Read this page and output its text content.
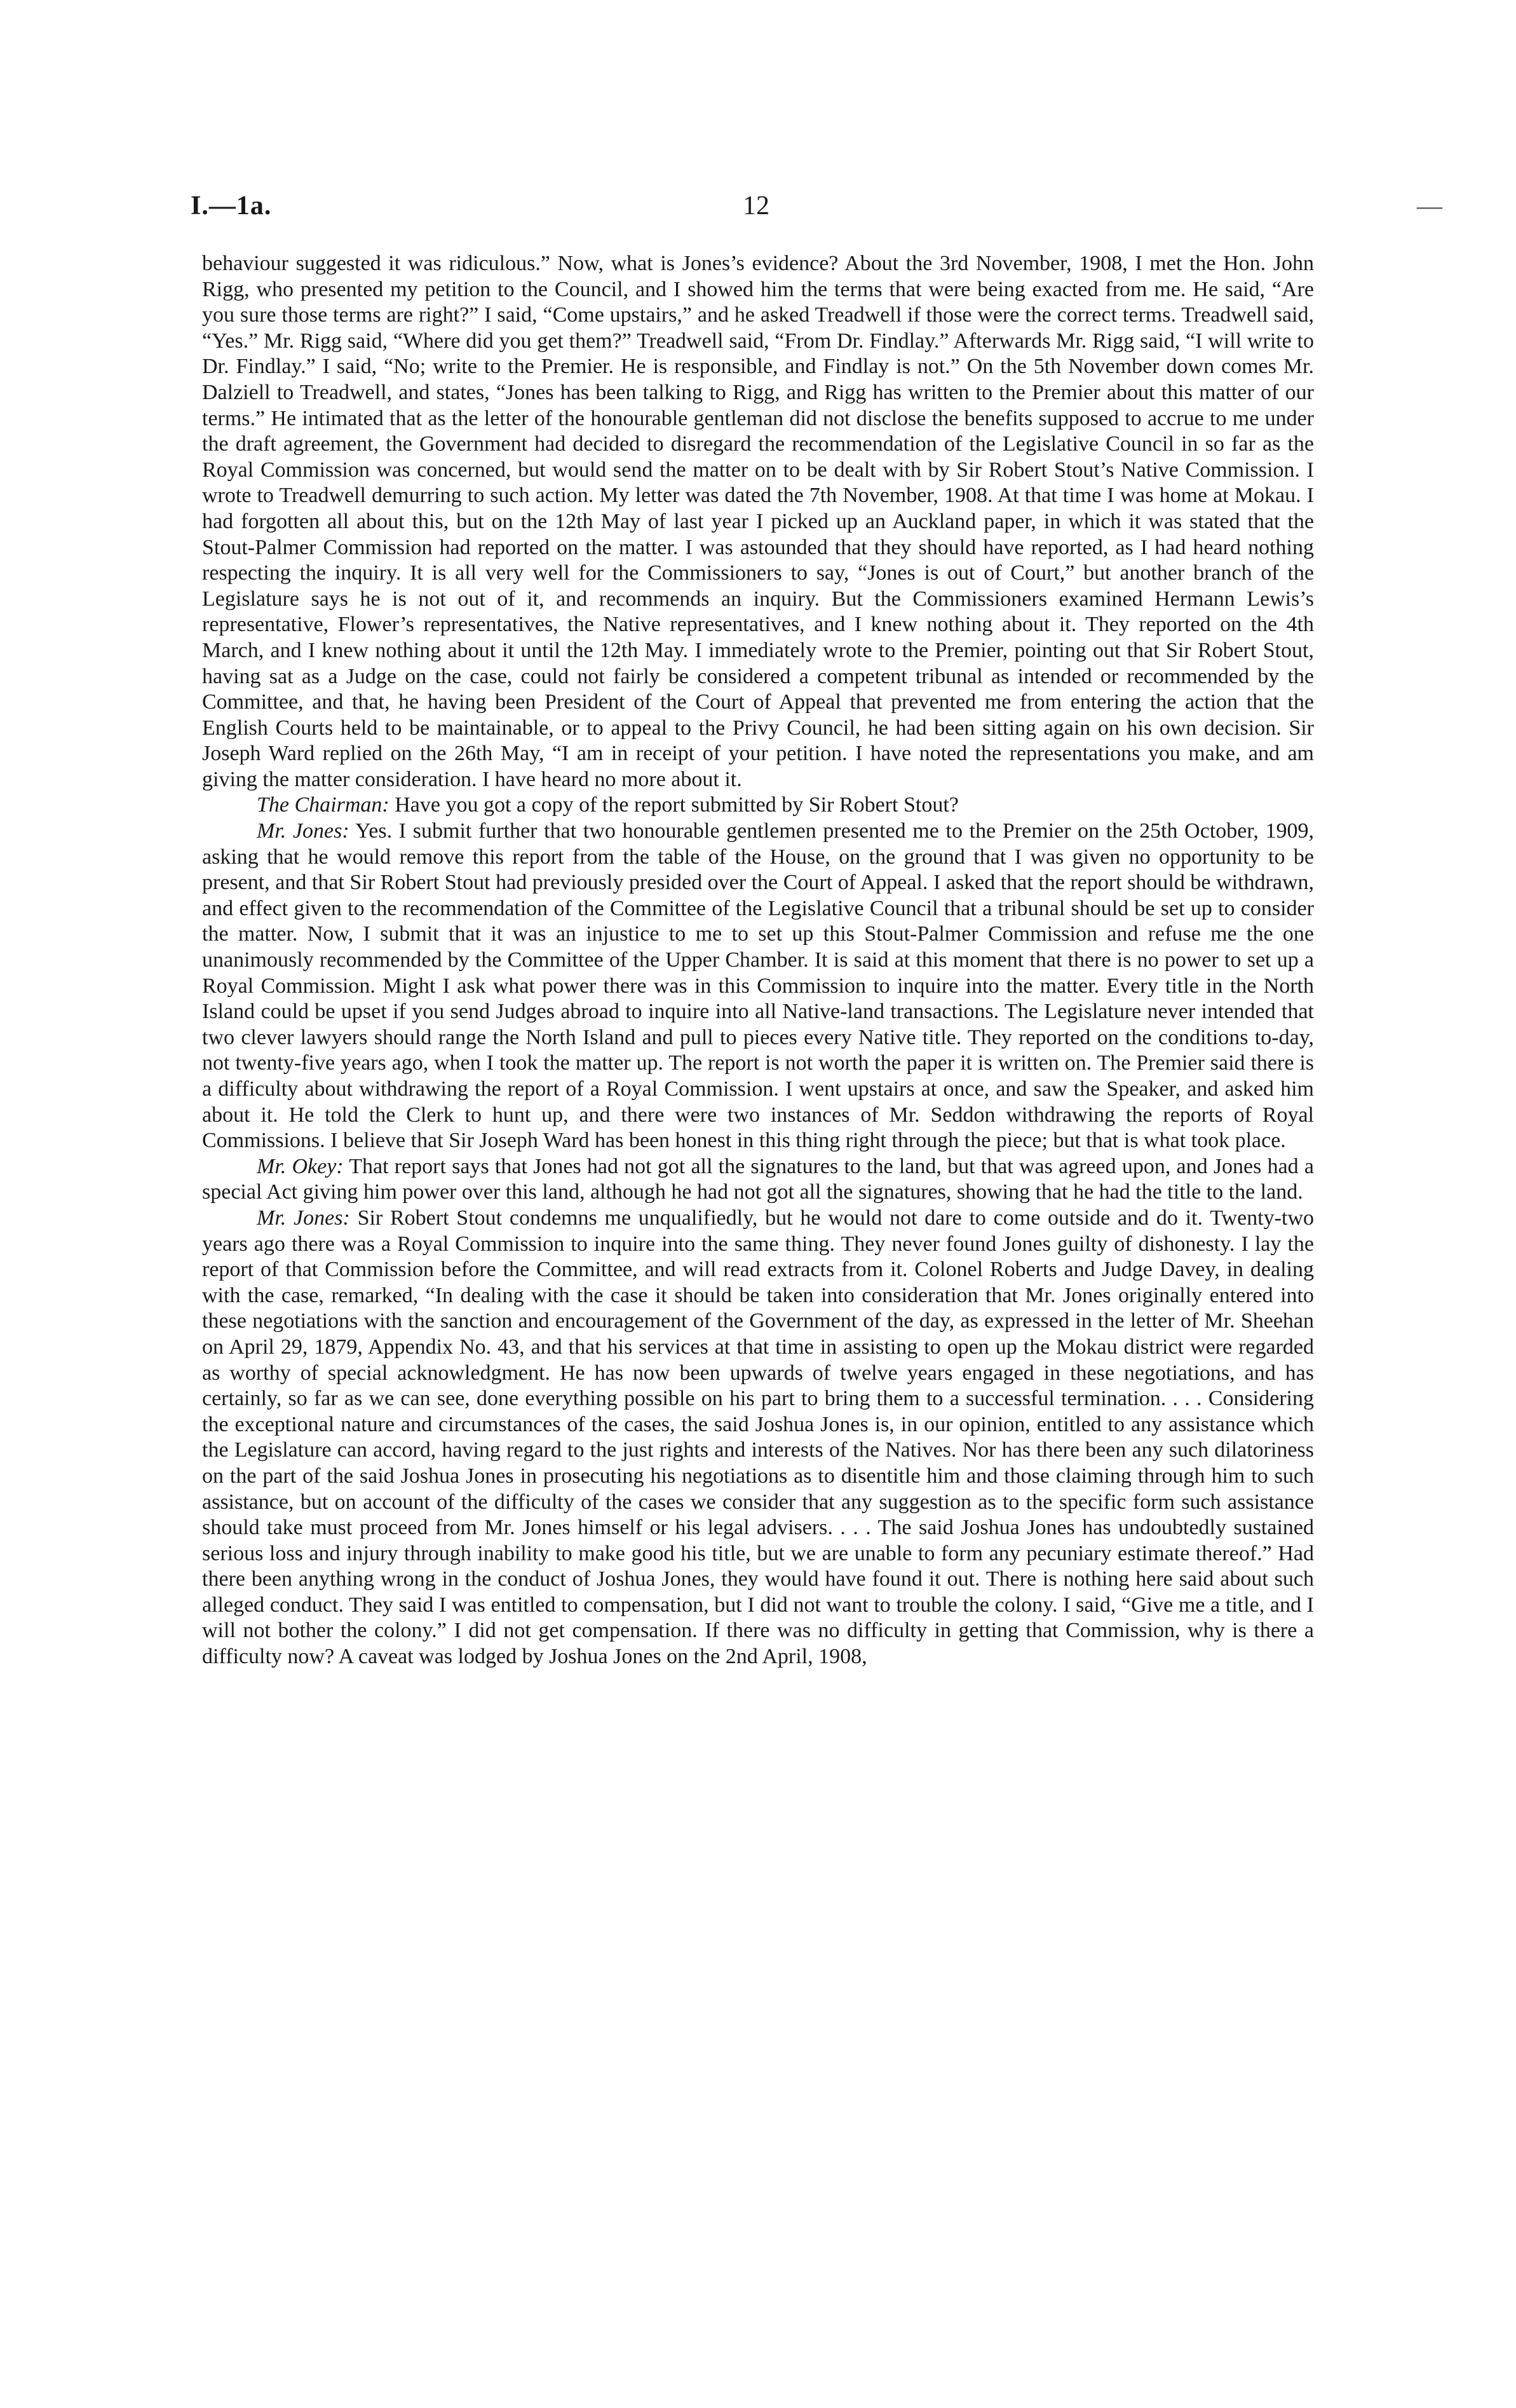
I.—1a.	12	—

behaviour suggested it was ridiculous.” Now, what is Jones’s evidence? About the 3rd November, 1908, I met the Hon. John Rigg, who presented my petition to the Council, and I showed him the terms that were being exacted from me. He said, “Are you sure those terms are right?” I said, “Come upstairs,” and he asked Treadwell if those were the correct terms. Treadwell said, “Yes.” Mr. Rigg said, “Where did you get them?” Treadwell said, “From Dr. Findlay.” Afterwards Mr. Rigg said, “I will write to Dr. Findlay.” I said, “No; write to the Premier. He is responsible, and Findlay is not.” On the 5th November down comes Mr. Dalziell to Treadwell, and states, “Jones has been talking to Rigg, and Rigg has written to the Premier about this matter of our terms.” He intimated that as the letter of the honourable gentleman did not disclose the benefits supposed to accrue to me under the draft agreement, the Government had decided to disregard the recommendation of the Legislative Council in so far as the Royal Commission was concerned, but would send the matter on to be dealt with by Sir Robert Stout’s Native Commission. I wrote to Treadwell demurring to such action. My letter was dated the 7th November, 1908. At that time I was home at Mokau. I had forgotten all about this, but on the 12th May of last year I picked up an Auckland paper, in which it was stated that the Stout-Palmer Commission had reported on the matter. I was astounded that they should have reported, as I had heard nothing respecting the inquiry. It is all very well for the Commissioners to say, “Jones is out of Court,” but another branch of the Legislature says he is not out of it, and recommends an inquiry. But the Commissioners examined Hermann Lewis’s representative, Flower’s representatives, the Native representatives, and I knew nothing about it. They reported on the 4th March, and I knew nothing about it until the 12th May. I immediately wrote to the Premier, pointing out that Sir Robert Stout, having sat as a Judge on the case, could not fairly be considered a competent tribunal as intended or recommended by the Committee, and that, he having been President of the Court of Appeal that prevented me from entering the action that the English Courts held to be maintainable, or to appeal to the Privy Council, he had been sitting again on his own decision. Sir Joseph Ward replied on the 26th May, “I am in receipt of your petition. I have noted the representations you make, and am giving the matter consideration. I have heard no more about it.

The Chairman: Have you got a copy of the report submitted by Sir Robert Stout?

Mr. Jones: Yes. I submit further that two honourable gentlemen presented me to the Premier on the 25th October, 1909, asking that he would remove this report from the table of the House, on the ground that I was given no opportunity to be present, and that Sir Robert Stout had previously presided over the Court of Appeal. I asked that the report should be withdrawn, and effect given to the recommendation of the Committee of the Legislative Council that a tribunal should be set up to consider the matter. Now, I submit that it was an injustice to me to set up this Stout-Palmer Commission and refuse me the one unanimously recommended by the Committee of the Upper Chamber. It is said at this moment that there is no power to set up a Royal Commission. Might I ask what power there was in this Commission to inquire into the matter. Every title in the North Island could be upset if you send Judges abroad to inquire into all Native-land transactions. The Legislature never intended that two clever lawyers should range the North Island and pull to pieces every Native title. They reported on the conditions to-day, not twenty-five years ago, when I took the matter up. The report is not worth the paper it is written on. The Premier said there is a difficulty about withdrawing the report of a Royal Commission. I went upstairs at once, and saw the Speaker, and asked him about it. He told the Clerk to hunt up, and there were two instances of Mr. Seddon withdrawing the reports of Royal Commissions. I believe that Sir Joseph Ward has been honest in this thing right through the piece; but that is what took place.

Mr. Okey: That report says that Jones had not got all the signatures to the land, but that was agreed upon, and Jones had a special Act giving him power over this land, although he had not got all the signatures, showing that he had the title to the land.

Mr. Jones: Sir Robert Stout condemns me unqualifiedly, but he would not dare to come outside and do it. Twenty-two years ago there was a Royal Commission to inquire into the same thing. They never found Jones guilty of dishonesty. I lay the report of that Commission before the Committee, and will read extracts from it. Colonel Roberts and Judge Davey, in dealing with the case, remarked, “In dealing with the case it should be taken into consideration that Mr. Jones originally entered into these negotiations with the sanction and encouragement of the Government of the day, as expressed in the letter of Mr. Sheehan on April 29, 1879, Appendix No. 43, and that his services at that time in assisting to open up the Mokau district were regarded as worthy of special acknowledgment. He has now been upwards of twelve years engaged in these negotiations, and has certainly, so far as we can see, done everything possible on his part to bring them to a successful termination. . . . Considering the exceptional nature and circumstances of the cases, the said Joshua Jones is, in our opinion, entitled to any assistance which the Legislature can accord, having regard to the just rights and interests of the Natives. Nor has there been any such dilatoriness on the part of the said Joshua Jones in prosecuting his negotiations as to disentitle him and those claiming through him to such assistance, but on account of the difficulty of the cases we consider that any suggestion as to the specific form such assistance should take must proceed from Mr. Jones himself or his legal advisers. . . . The said Joshua Jones has undoubtedly sustained serious loss and injury through inability to make good his title, but we are unable to form any pecuniary estimate thereof.” Had there been anything wrong in the conduct of Joshua Jones, they would have found it out. There is nothing here said about such alleged conduct. They said I was entitled to compensation, but I did not want to trouble the colony. I said, “Give me a title, and I will not bother the colony.” I did not get compensation. If there was no difficulty in getting that Commission, why is there a difficulty now? A caveat was lodged by Joshua Jones on the 2nd April, 1908,
